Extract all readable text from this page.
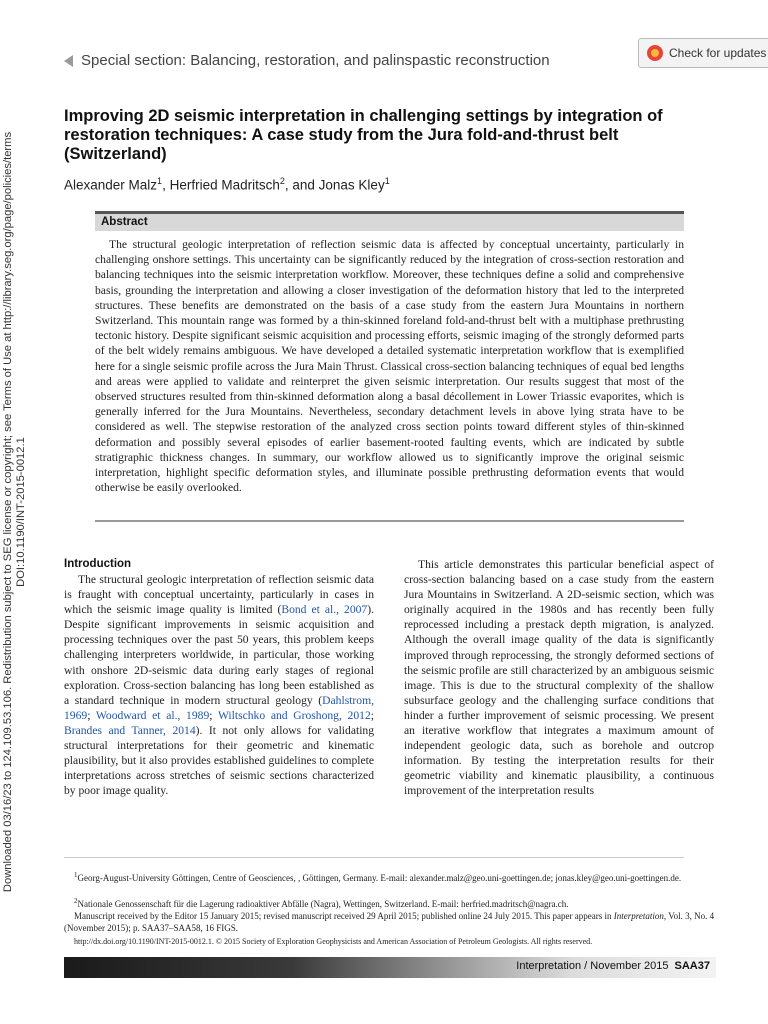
Downloaded 03/16/23 to 124.109.53.106. Redistribution subject to SEG license or copyright; see Terms of Use at http://library.seg.org/page/policies/terms DOI:10.1190/INT-2015-0012.1
Special section: Balancing, restoration, and palinspastic reconstruction	Check for updates
Improving 2D seismic interpretation in challenging settings by integration of restoration techniques: A case study from the Jura fold-and-thrust belt (Switzerland)
Alexander Malz$^1$, Herfried Madritsch$^2$, and Jonas Kley$^1$
Abstract
The structural geologic interpretation of reflection seismic data is affected by conceptual uncertainty, particularly in challenging onshore settings. This uncertainty can be significantly reduced by the integration of cross-section restoration and balancing techniques into the seismic interpretation workflow. Moreover, these techniques define a solid and comprehensive basis, grounding the interpretation and allowing a closer investigation of the deformation history that led to the interpreted structures. These benefits are demonstrated on the basis of a case study from the eastern Jura Mountains in northern Switzerland. This mountain range was formed by a thin-skinned foreland fold-and-thrust belt with a multiphase prethrusting tectonic history. Despite significant seismic acquisition and processing efforts, seismic imaging of the strongly deformed parts of the belt widely remains ambiguous. We have developed a detailed systematic interpretation workflow that is exemplified here for a single seismic profile across the Jura Main Thrust. Classical cross-section balancing techniques of equal bed lengths and areas were applied to validate and reinterpret the given seismic interpretation. Our results suggest that most of the observed structures resulted from thin-skinned deformation along a basal décollement in Lower Triassic evaporites, which is generally inferred for the Jura Mountains. Nevertheless, secondary detachment levels in above lying strata have to be considered as well. The stepwise restoration of the analyzed cross section points toward different styles of thin-skinned deformation and possibly several episodes of earlier basement-rooted faulting events, which are indicated by subtle stratigraphic thickness changes. In summary, our workflow allowed us to significantly improve the original seismic interpretation, highlight specific deformation styles, and illuminate possible prethrusting deformation events that would otherwise be easily overlooked.
Introduction
The structural geologic interpretation of reflection seismic data is fraught with conceptual uncertainty, particularly in cases in which the seismic image quality is limited (Bond et al., 2007). Despite significant improvements in seismic acquisition and processing techniques over the past 50 years, this problem keeps challenging interpreters worldwide, in particular, those working with onshore 2D-seismic data during early stages of regional exploration. Cross-section balancing has long been established as a standard technique in modern structural geology (Dahlstrom, 1969; Woodward et al., 1989; Wiltschko and Groshong, 2012; Brandes and Tanner, 2014). It not only allows for validating structural interpretations for their geometric and kinematic plausibility, but it also provides established guidelines to complete interpretations across stretches of seismic sections characterized by poor image quality.
This article demonstrates this particular beneficial aspect of cross-section balancing based on a case study from the eastern Jura Mountains in Switzerland. A 2D-seismic section, which was originally acquired in the 1980s and has recently been fully reprocessed including a prestack depth migration, is analyzed. Although the overall image quality of the data is significantly improved through reprocessing, the strongly deformed sections of the seismic profile are still characterized by an ambiguous seismic image. This is due to the structural complexity of the shallow subsurface geology and the challenging surface conditions that hinder a further improvement of seismic processing. We present an iterative workflow that integrates a maximum amount of independent geologic data, such as borehole and outcrop information. By testing the interpretation results for their geometric viability and kinematic plausibility, a continuous improvement of the interpretation results
$^1$Georg-August-University Göttingen, Centre of Geosciences, , Göttingen, Germany. E-mail: alexander.malz@geo.uni-goettingen.de; jonas.kley@geo.uni-goettingen.de.
$^2$Nationale Genossenschaft für die Lagerung radioaktiver Abfälle (Nagra), Wettingen, Switzerland. E-mail: herfried.madritsch@nagra.ch.
Manuscript received by the Editor 15 January 2015; revised manuscript received 29 April 2015; published online 24 July 2015. This paper appears in Interpretation, Vol. 3, No. 4 (November 2015); p. SAA37–SAA58, 16 FIGS.
http://dx.doi.org/10.1190/INT-2015-0012.1. © 2015 Society of Exploration Geophysicists and American Association of Petroleum Geologists. All rights reserved.
Interpretation / November 2015 SAA37
